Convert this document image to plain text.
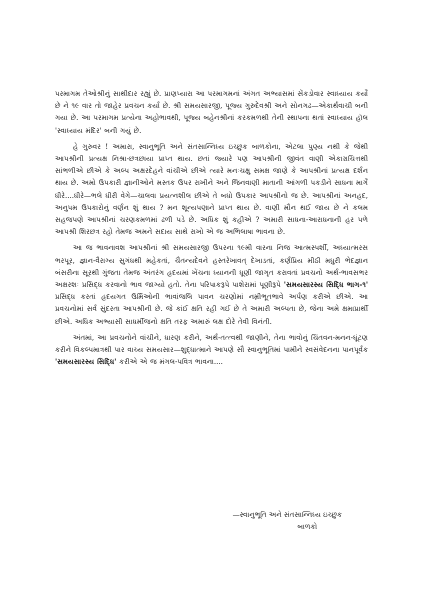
પરમાગમ તેઓશ્રીનું સાથીદાર રહ્યું છે. પ્રાણપ્યારા આ પરમાગમનાં અંગત અભ્યાસમાં સેંકડોવાર સ્વાધ્યાય કર્યો છે ને ૧૯ વાર તો જાહેર પ્રવચન કર્યા છે. શ્રી સમયસારજી, પૂજ્ય ગુરુદેવશ્રી અને સોનગઢ—એકાર્થવાચી બની ગયા છે. આ પરમાગમ પ્રત્યેના અહોભાવથી, પૂજ્ય બહેનશ્રીનાં કરકમળથી તેની સ્થાપના થતાં સ્વાધ્યાય હૉલ 'સ્વાધ્યાય મંદિર' બની ગયું છે.

હે ગુરુવર ! અમારા, સ્વાનુભૂતિ અને સંતસાન્નિધ્ય ઇચ્છુક બાળકોના, એટલા પુણ્ય નથી કે જેથી આપશ્રીની પ્રત્યક્ષ નિશ્રા-છત્રછાયા પ્રાપ્ત થાય. છતાં જ્યારે પણ આપશ્રીની જીવંત વાણી એકાગ્રચિત્તથી સાંભળીએ છીએ કે અલ્પ અક્ષરદેહને વાંચીએ છીએ ત્યારે મનઃચક્ષુ સમક્ષ જાણે કે આપશ્રીનાં પ્રત્યક્ષ દર્શન થાય છે. અમો ઉપકારી જ્ઞાનીઓને મસ્તક ઉપર રાખીને અને જિનવાણી માતાની આંગળી પકડીને સાધના માર્ગે ધીરે....ધીરે—ભલે ધીરી વેગે—ચાલવા પ્રયત્નશીલ છીએ તે બધો ઉપકાર આપશ્રીનો જ છે. આપશ્રીનાં અનહદ, અનુપમ ઉપકારોનું વર્ણન શું થાય ? મન શૂન્યપણાને પ્રાપ્ત થાય છે. વાણી મૌન થઈ જાય છે ને કલમ સહજપણે આપશ્રીનાં ચરણકમળમાં ઢળી પડે છે. અધિક શું કહીએ ? અમારી સાધના-આરાધનાની હર પળે આપશ્રી શિરછત્ર રહો તેમજ અમને સદાય સાથે રાખો એ જ અભિલાષા ભાવના છે.

આ જ ભાવનાવશ આપશ્રીનાં શ્રી સમયસારજી ઉપરના ૧૯મી વારના નિજ આત્મસ્પર્શી, અધ્યાત્મરસ ભરપૂર, જ્ઞાન-વૈરાગ્ય સુગંધથી મહેકતાં, ચૈતન્યદેવને હસ્તરેખાવત્ દેખાડતાં, કર્ણપ્રિય મીઠી મધુરી ભેદજ્ઞાન બંસરીના સૂરથી ગુંજતા તેમજ અંતરંગ હૃદયમાં ખેંચના ધ્યાનની ધૂણી જાગૃત કરાવતાં પ્રવચનો અર્થ-ભાવસભર અક્ષરશઃ પ્રસિદ્ધ કરવાનો ભાવ જાગ્યો હતો. તેના પરિપાકરૂપે પાશેરામાં પૂણીરૂપે 'સમયસારસ્ય સિદ્ધિ ભાગ-૧' પ્રસિદ્ધ કરતાં હૃદયગત ઉર્મિઓની ભાવાંજલિ પાવન ચરણોમાં નમ્રીભૂતભાવે અર્પણ કરીએ છીએ. આ પ્રવચનોમાં સર્વ સુંદરતા આપશ્રીની છે. જે કાંઈ ક્ષતિ રહી ગઈ છે તે અમારી અલ્પતા છે, જેના અમે ક્ષમાપ્રાર્થી છીએ. અધિક અભ્યાસી સાધર્મીજનો ક્ષતિ તરફ અમારું લક્ષ દોરે તેવી વિનંતી.

અંતમાં, આ પ્રવચનોને વાંચીને, ધારણ કરીને, અર્થ-તત્ત્વથી જાણીને, તેના ભાવોનું ચિંતવન-મનન-ઘૂંટણ કરીને વિકલ્પમાત્રથી પાર વાચ્ય સમયસાર—શુદ્ધાત્માને આપણે સૌ સ્વાનુભૂતિમાં પામીને સ્વસંવેદનના પાનપૂર્વક 'સમયસારસ્ય સિદ્ધિ' કરીએ એ જ મંગલ-પવિત્ર ભાવના....

—સ્વાનુભૂતિ અને સંતસાન્નિધ્ય ઇચ્છુક
બાળકો
